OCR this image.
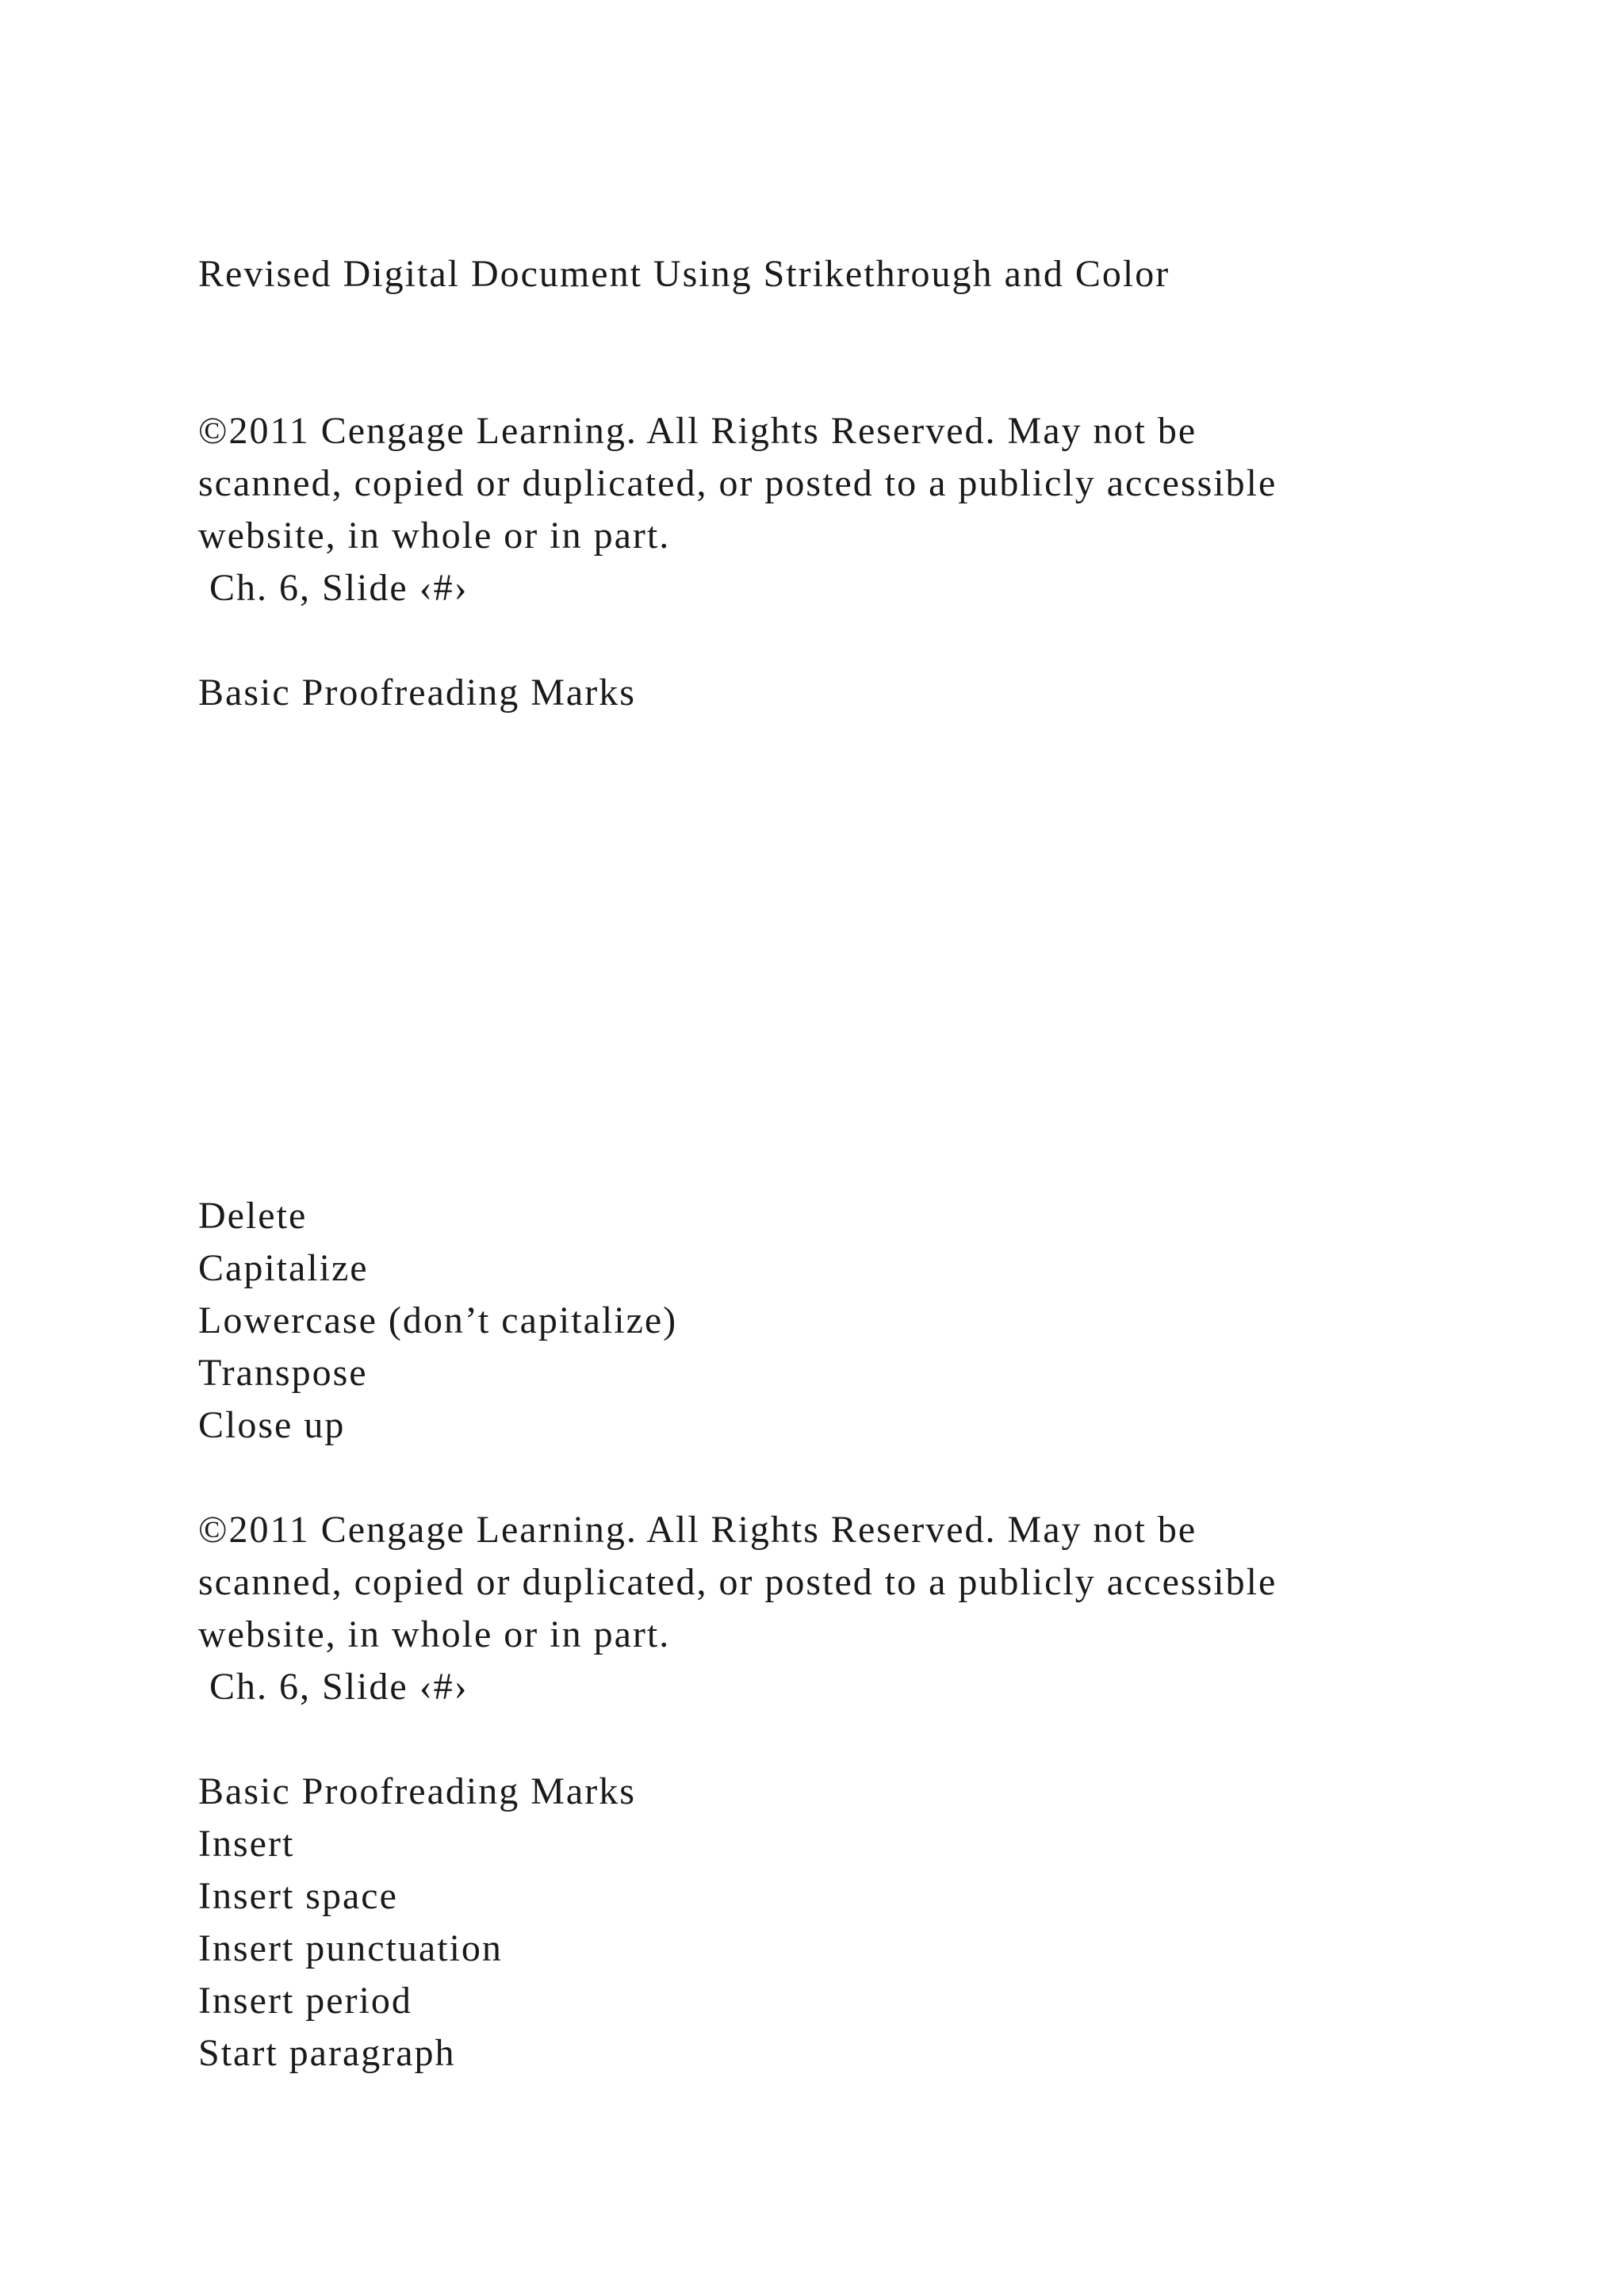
Revised Digital Document Using Strikethrough and Color
©2011 Cengage Learning. All Rights Reserved. May not be
scanned, copied or duplicated, or posted to a publicly accessible
website, in whole or in part.
Ch. 6, Slide ‹#›
Basic Proofreading Marks
Delete
Capitalize
Lowercase (don’t capitalize)
Transpose
Close up
©2011 Cengage Learning. All Rights Reserved. May not be
scanned, copied or duplicated, or posted to a publicly accessible
website, in whole or in part.
Ch. 6, Slide ‹#›
Basic Proofreading Marks
Insert
Insert space
Insert punctuation
Insert period
Start paragraph
